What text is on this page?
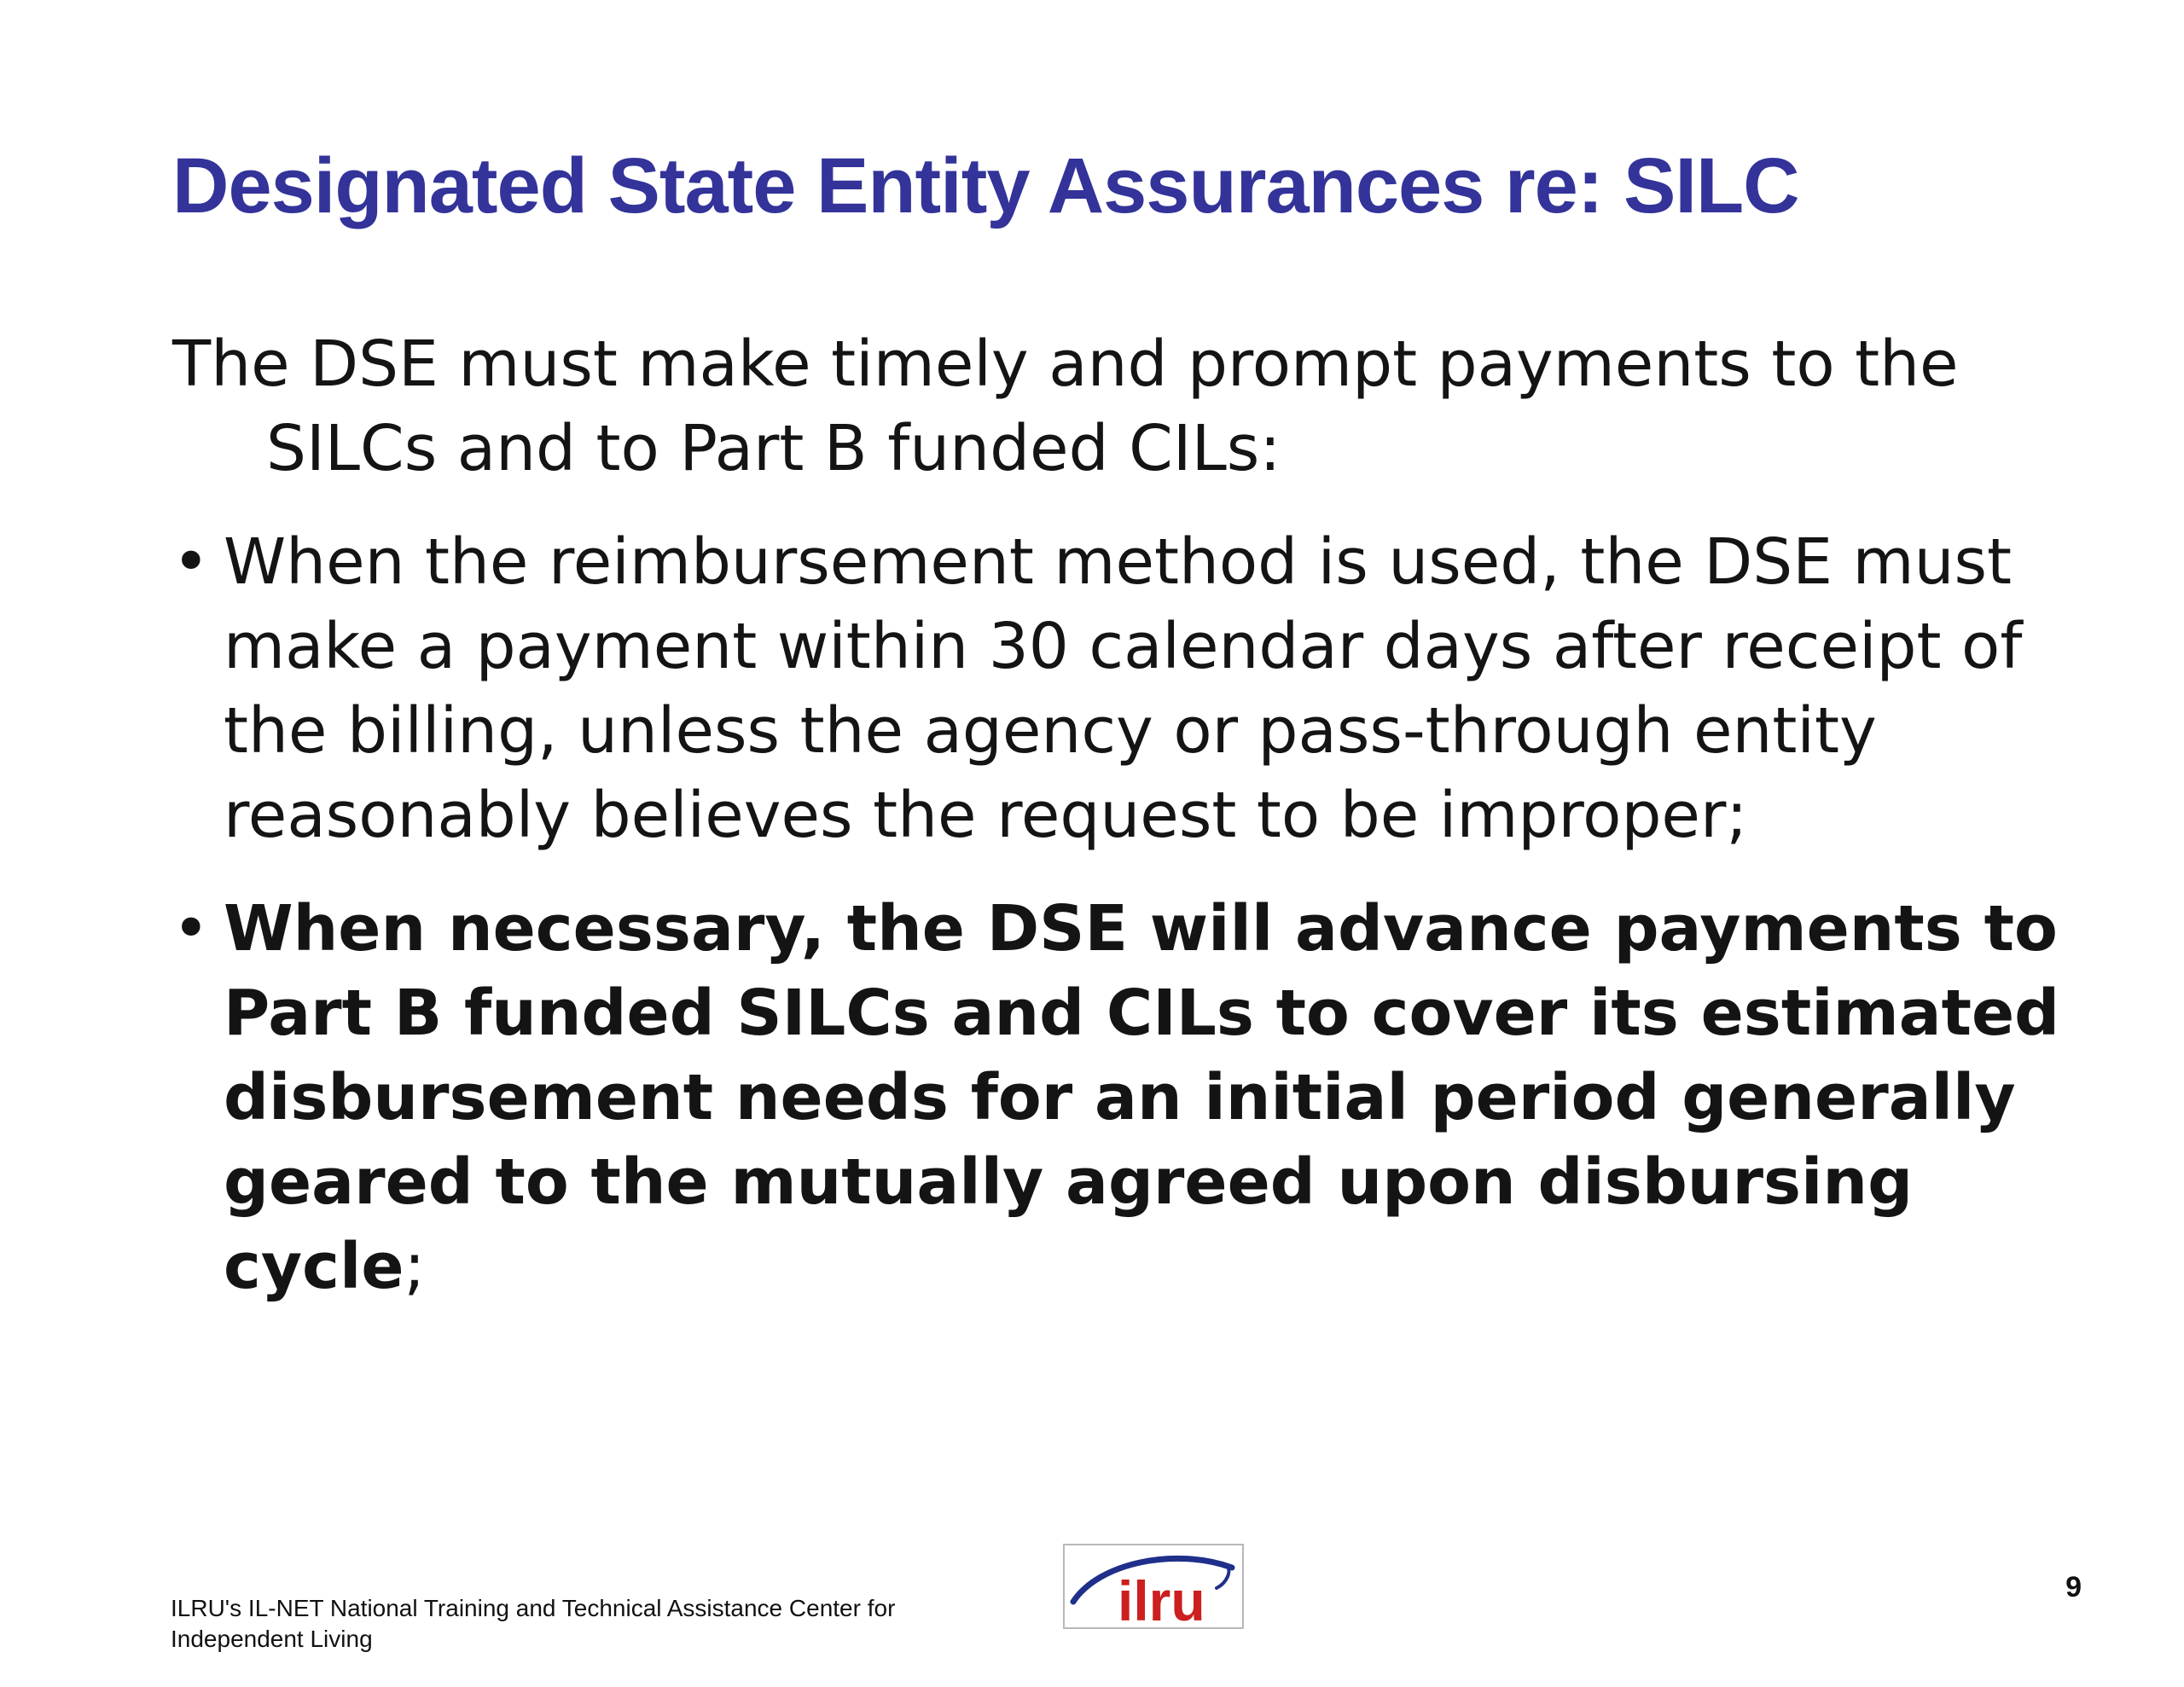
Designated State Entity Assurances re: SILC

The DSE must make timely and prompt payments to the SILCs and to Part B funded CILs:

• When the reimbursement method is used, the DSE must make a payment within 30 calendar days after receipt of the billing, unless the agency or pass-through entity reasonably believes the request to be improper;
• When necessary, the DSE will advance payments to Part B funded SILCs and CILs to cover its estimated disbursement needs for an initial period generally geared to the mutually agreed upon disbursing cycle;
ILRU's IL-NET National Training and Technical Assistance Center for Independent Living
ilru	9
